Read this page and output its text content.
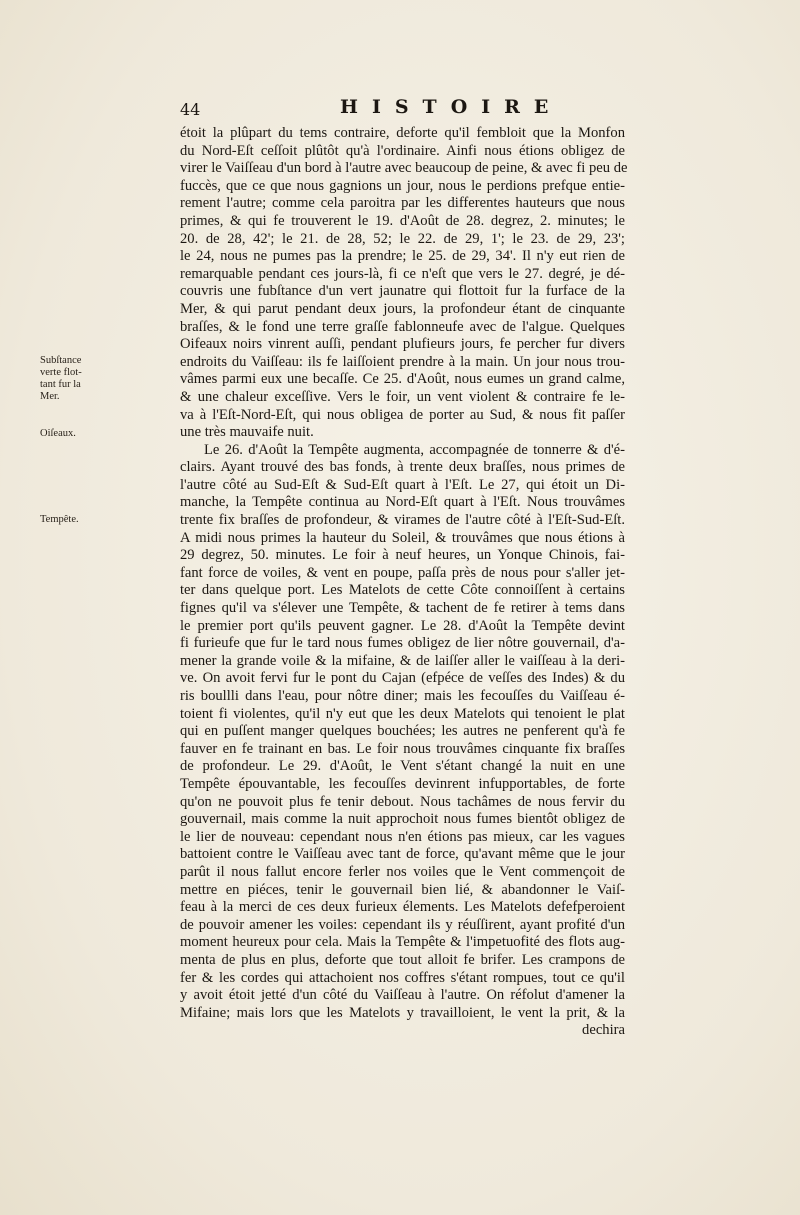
44	HISTOIRE
Subſtance
verte flot-
tant fur la
Mer.
Oiſeaux.
Tempête.
étoit la plûpart du tems contraire, deforte qu'il fembloit que la Monfon
du Nord-Eſt ceſſoit plûtôt qu'à l'ordinaire. Ainfi nous étions obligez de
virer le Vaiſſeau d'un bord à l'autre avec beaucoup de peine, & avec fi peu de
fuccès, que ce que nous gagnions un jour, nous le perdions prefque entie-
rement l'autre; comme cela paroitra par les differentes hauteurs que nous
primes, & qui fe trouverent le 19. d'Août de 28. degrez, 2. minutes; le
20. de 28, 42'; le 21. de 28, 52; le 22. de 29, 1'; le 23. de 29, 23';
le 24, nous ne pumes pas la prendre; le 25. de 29, 34'. Il n'y eut rien de
remarquable pendant ces jours-là, fi ce n'eſt que vers le 27. degré, je dé-
couvris une fubſtance d'un vert jaunatre qui flottoit fur la furface de la
Mer, & qui parut pendant deux jours, la profondeur étant de cinquante
braſſes, & le fond une terre graſſe fablonneufe avec de l'algue. Quelques
Oifeaux noirs vinrent auſſi, pendant plufieurs jours, fe percher fur divers
endroits du Vaiſſeau: ils fe laiſſoient prendre à la main. Un jour nous trou-
vâmes parmi eux une becaſſe. Ce 25. d'Août, nous eumes un grand calme,
& une chaleur exceſſive. Vers le foir, un vent violent & contraire fe le-
va à l'Eſt-Nord-Eſt, qui nous obligea de porter au Sud, & nous fit paſſer
une très mauvaife nuit.
Le 26. d'Août la Tempête augmenta, accompagnée de tonnerre & d'é-
clairs. Ayant trouvé des bas fonds, à trente deux braſſes, nous primes de
l'autre côté au Sud-Eſt & Sud-Eſt quart à l'Eſt. Le 27, qui étoit un Di-
manche, la Tempête continua au Nord-Eſt quart à l'Eſt. Nous trouvâmes
trente fix braſſes de profondeur, & virames de l'autre côté à l'Eſt-Sud-Eſt.
A midi nous primes la hauteur du Soleil, & trouvâmes que nous étions à
29 degrez, 50. minutes. Le foir à neuf heures, un Yonque Chinois, fai-
fant force de voiles, & vent en poupe, paſſa près de nous pour s'aller jet-
ter dans quelque port. Les Matelots de cette Côte connoiſſent à certains
fignes qu'il va s'élever une Tempête, & tachent de fe retirer à tems dans
le premier port qu'ils peuvent gagner. Le 28. d'Août la Tempête devint
fi furieufe que fur le tard nous fumes obligez de lier nôtre gouvernail, d'a-
mener la grande voile & la mifaine, & de laiſſer aller le vaiſſeau à la deri-
ve. On avoit fervi fur le pont du Cajan (efpéce de veſſes des Indes) & du
ris boullli dans l'eau, pour nôtre diner; mais les fecouſſes du Vaiſſeau é-
toient fi violentes, qu'il n'y eut que les deux Matelots qui tenoient le plat
qui en puſſent manger quelques bouchées; les autres ne penferent qu'à fe
fauver en fe trainant en bas. Le foir nous trouvâmes cinquante fix braſſes
de profondeur. Le 29. d'Août, le Vent s'étant changé la nuit en une
Tempête épouvantable, les fecouſſes devinrent infupportables, de forte
qu'on ne pouvoit plus fe tenir debout. Nous tachâmes de nous fervir du
gouvernail, mais comme la nuit approchoit nous fumes bientôt obligez de
le lier de nouveau: cependant nous n'en étions pas mieux, car les vagues
battoient contre le Vaiſſeau avec tant de force, qu'avant même que le jour
parût il nous fallut encore ferler nos voiles que le Vent commençoit de
mettre en piéces, tenir le gouvernail bien lié, & abandonner le Vaiſ-
feau à la merci de ces deux furieux élements. Les Matelots defefperoient
de pouvoir amener les voiles: cependant ils y réuſſirent, ayant profité d'un
moment heureux pour cela. Mais la Tempête & l'impetuofité des flots aug-
menta de plus en plus, deforte que tout alloit fe brifer. Les crampons de
fer & les cordes qui attachoient nos coffres s'étant rompues, tout ce qu'il
y avoit étoit jetté d'un côté du Vaiſſeau à l'autre. On réfolut d'amener la
Mifaine; mais lors que les Matelots y travailloient, le vent la prit, & la
dechira
